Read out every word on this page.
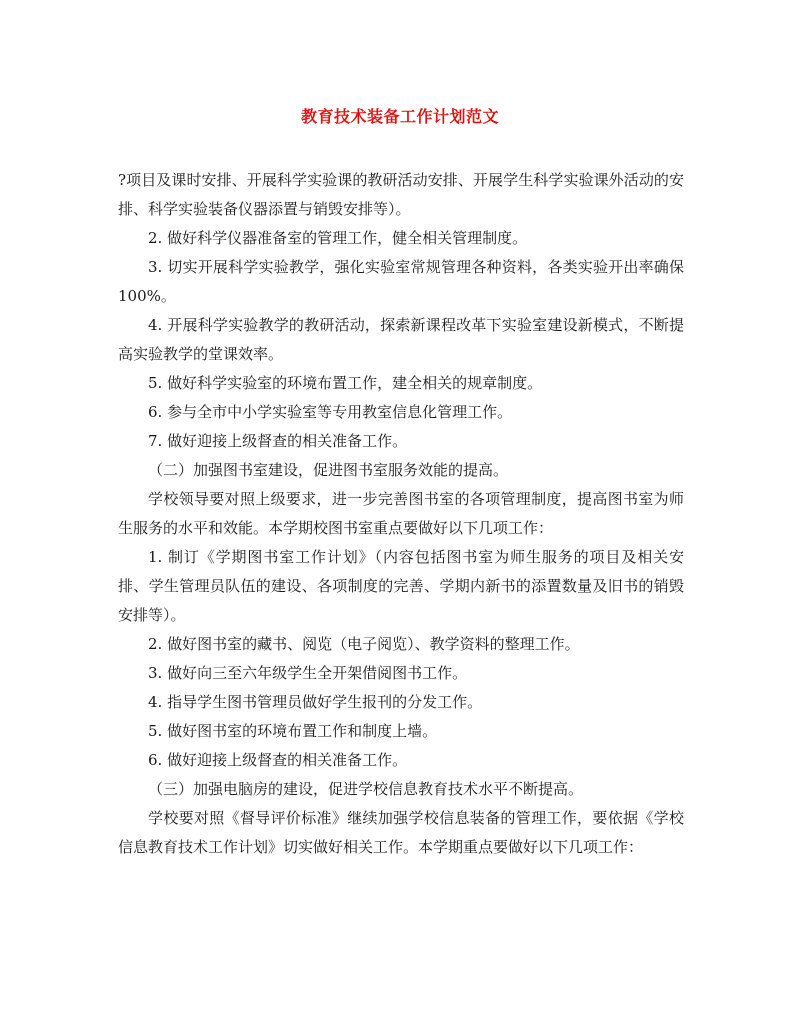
教育技术装备工作计划范文

?项目及课时安排、开展科学实验课的教研活动安排、开展学生科学实验课外活动的安排、科学实验装备仪器添置与销毁安排等）。

2. 做好科学仪器准备室的管理工作，健全相关管理制度。

3. 切实开展科学实验教学，强化实验室常规管理各种资料，各类实验开出率确保 100%。

4. 开展科学实验教学的教研活动，探索新课程改革下实验室建设新模式，不断提高实验教学的堂课效率。

5. 做好科学实验室的环境布置工作，建全相关的规章制度。

6. 参与全市中小学实验室等专用教室信息化管理工作。

7. 做好迎接上级督查的相关准备工作。

（二）加强图书室建设，促进图书室服务效能的提高。

学校领导要对照上级要求，进一步完善图书室的各项管理制度，提高图书室为师生服务的水平和效能。本学期校图书室重点要做好以下几项工作：

1. 制订《学期图书室工作计划》（内容包括图书室为师生服务的项目及相关安排、学生管理员队伍的建设、各项制度的完善、学期内新书的添置数量及旧书的销毁安排等）。

2. 做好图书室的藏书、阅览（电子阅览）、教学资料的整理工作。

3. 做好向三至六年级学生全开架借阅图书工作。

4. 指导学生图书管理员做好学生报刊的分发工作。

5. 做好图书室的环境布置工作和制度上墙。

6. 做好迎接上级督查的相关准备工作。

（三）加强电脑房的建设，促进学校信息教育技术水平不断提高。

学校要对照《督导评价标准》继续加强学校信息装备的管理工作，要依据《学校信息教育技术工作计划》切实做好相关工作。本学期重点要做好以下几项工作：
